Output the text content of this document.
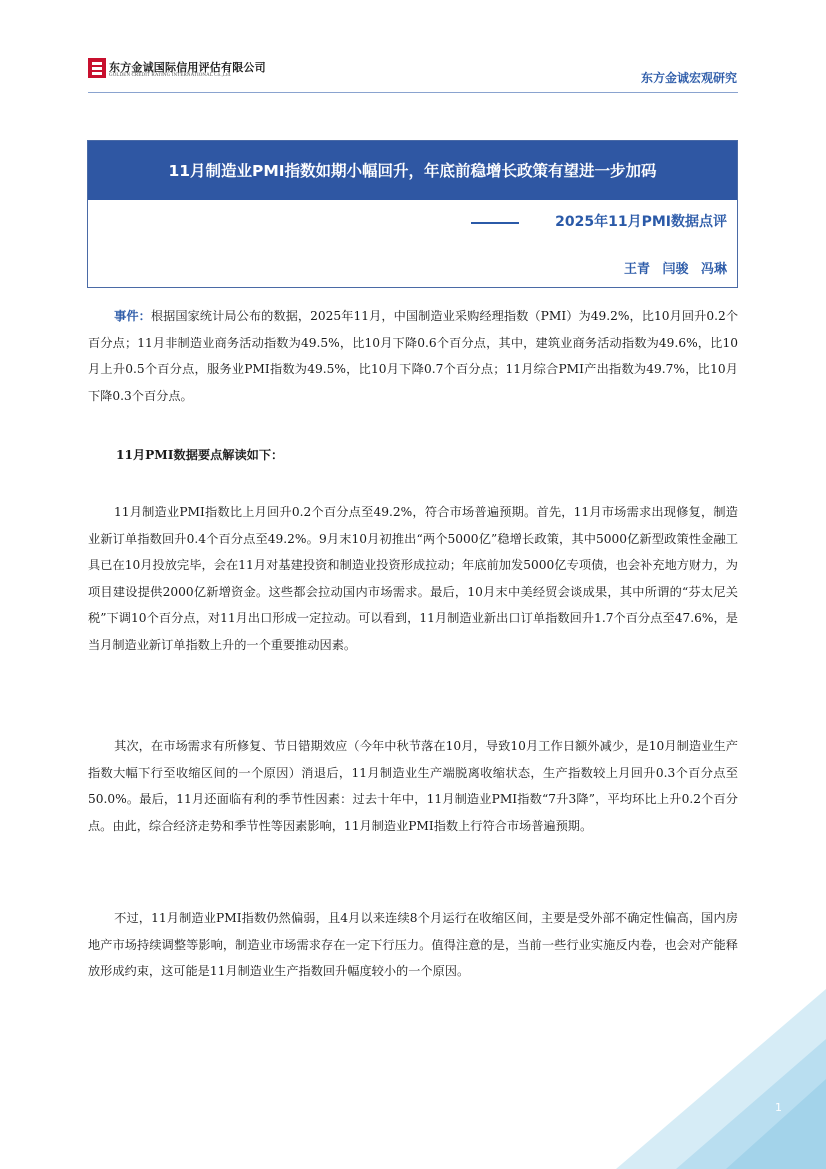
东方金诚国际信用评估有限公司
GOLDEN CREDIT RATING INTERNATIONAL Co.,Ltd.	东方金诚宏观研究
11月制造业PMI指数如期小幅回升，年底前稳增长政策有望进一步加码
2025年11月PMI数据点评
王青 闫骏 冯琳
事件：根据国家统计局公布的数据，2025年11月，中国制造业采购经理指数（PMI）为49.2%，比10月回升0.2个百分点；11月非制造业商务活动指数为49.5%，比10月下降0.6个百分点，其中，建筑业商务活动指数为49.6%，比10月上升0.5个百分点，服务业PMI指数为49.5%，比10月下降0.7个百分点；11月综合PMI产出指数为49.7%，比10月下降0.3个百分点。
11月PMI数据要点解读如下：
11月制造业PMI指数比上月回升0.2个百分点至49.2%，符合市场普遍预期。首先，11月市场需求出现修复，制造业新订单指数回升0.4个百分点至49.2%。9月末10月初推出“两个5000亿”稳增长政策，其中5000亿新型政策性金融工具已在10月投放完毕，会在11月对基建投资和制造业投资形成拉动；年底前加发5000亿专项债，也会补充地方财力，为项目建设提供2000亿新增资金。这些都会拉动国内市场需求。最后，10月末中美经贸会谈成果，其中所谓的“芬太尼关税”下调10个百分点，对11月出口形成一定拉动。可以看到，11月制造业新出口订单指数回升1.7个百分点至47.6%，是当月制造业新订单指数上升的一个重要推动因素。
其次，在市场需求有所修复、节日错期效应（今年中秋节落在10月，导致10月工作日额外减少，是10月制造业生产指数大幅下行至收缩区间的一个原因）消退后，11月制造业生产端脱离收缩状态，生产指数较上月回升0.3个百分点至50.0%。最后，11月还面临有利的季节性因素：过去十年中，11月制造业PMI指数“7升3降”，平均环比上升0.2个百分点。由此，综合经济走势和季节性等因素影响，11月制造业PMI指数上行符合市场普遍预期。
不过，11月制造业PMI指数仍然偏弱，且4月以来连续8个月运行在收缩区间，主要是受外部不确定性偏高，国内房地产市场持续调整等影响，制造业市场需求存在一定下行压力。值得注意的是，当前一些行业实施反内卷，也会对产能释放形成约束，这可能是11月制造业生产指数回升幅度较小的一个原因。
1
